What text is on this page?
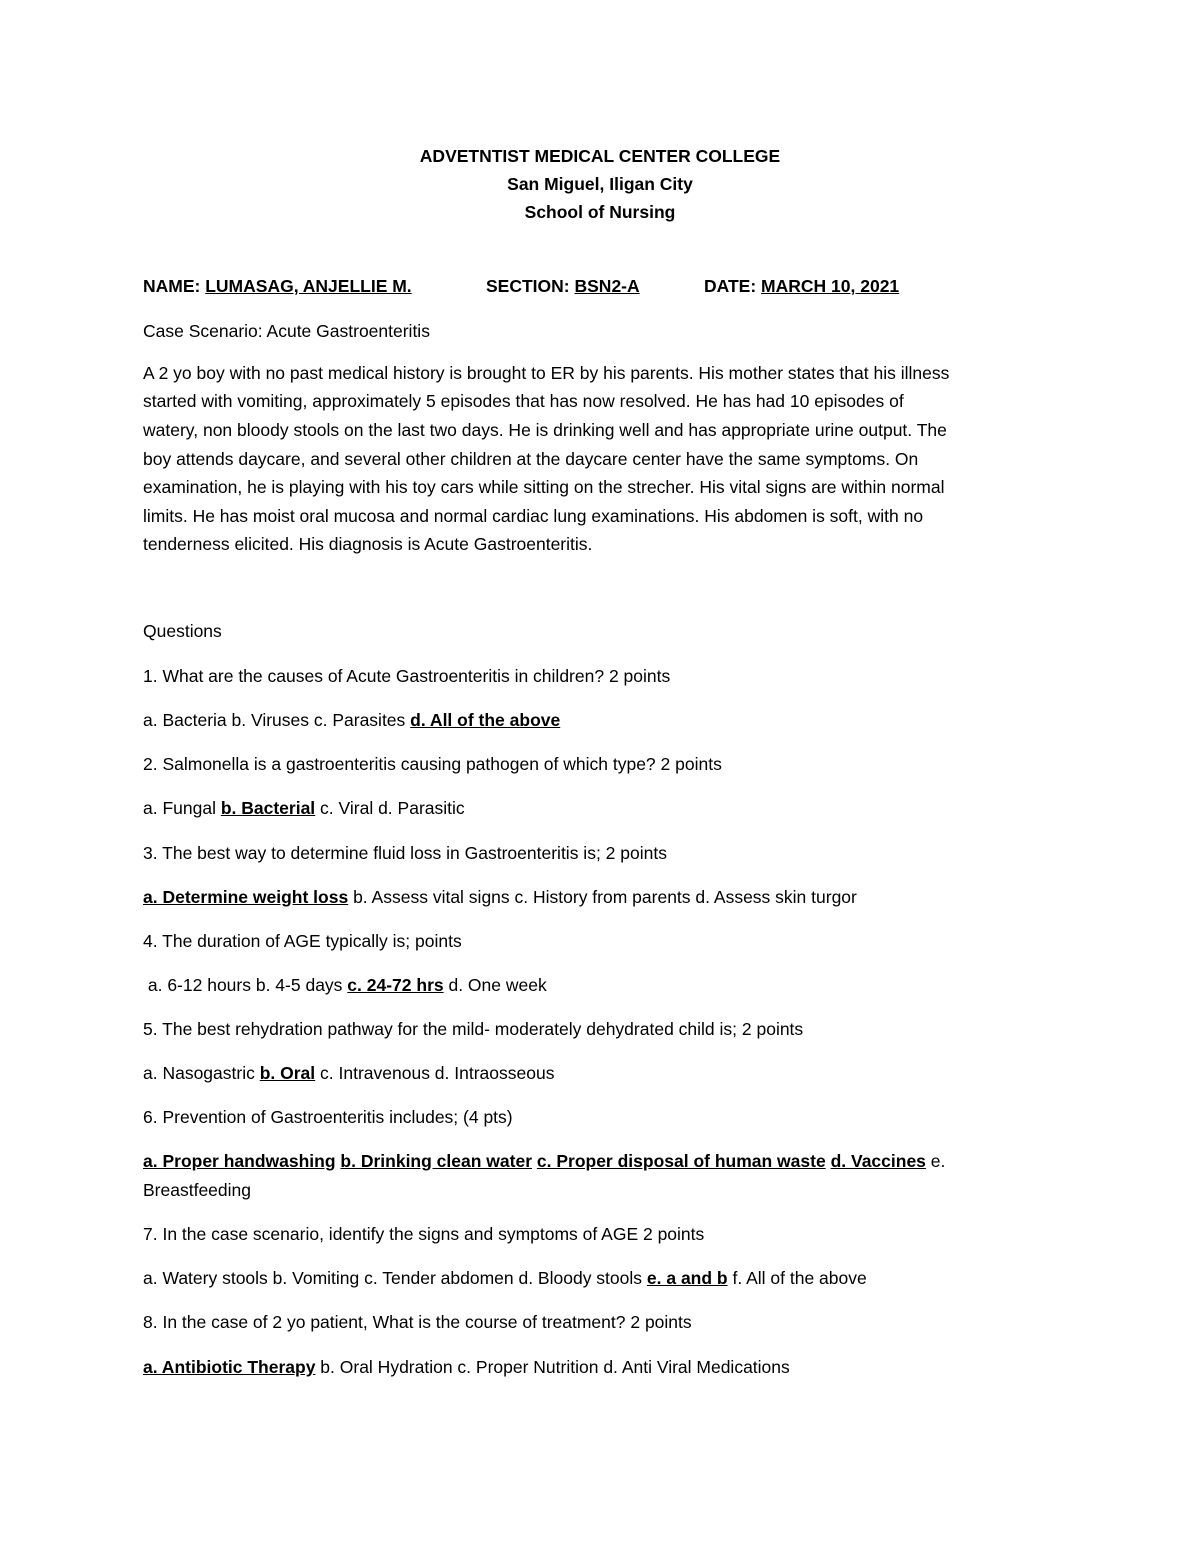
ADVETNTIST MEDICAL CENTER COLLEGE
San Miguel, Iligan City
School of Nursing
NAME: LUMASAG, ANJELLIE M.	SECTION: BSN2-A	DATE: MARCH 10, 2021
Case Scenario: Acute Gastroenteritis
A 2 yo boy with no past medical history is brought to ER by his parents. His mother states that his illness
started with vomiting, approximately 5 episodes that has now resolved. He has had 10 episodes of
watery, non bloody stools on the last two days. He is drinking well and has appropriate urine output. The
boy attends daycare, and several other children at the daycare center have the same symptoms. On
examination, he is playing with his toy cars while sitting on the strecher. His vital signs are within normal
limits. He has moist oral mucosa and normal cardiac lung examinations. His abdomen is soft, with no
tenderness elicited. His diagnosis is Acute Gastroenteritis.
Questions
1. What are the causes of Acute Gastroenteritis in children? 2 points
a. Bacteria b. Viruses c. Parasites d. All of the above
2. Salmonella is a gastroenteritis causing pathogen of which type? 2 points
a. Fungal b. Bacterial c. Viral d. Parasitic
3. The best way to determine fluid loss in Gastroenteritis is; 2 points
a. Determine weight loss b. Assess vital signs c. History from parents d. Assess skin turgor
4. The duration of AGE typically is; points
a. 6-12 hours b. 4-5 days c. 24-72 hrs d. One week
5. The best rehydration pathway for the mild- moderately dehydrated child is; 2 points
a. Nasogastric b. Oral c. Intravenous d. Intraosseous
6. Prevention of Gastroenteritis includes; (4 pts)
a. Proper handwashing b. Drinking clean water c. Proper disposal of human waste d. Vaccines e.
Breastfeeding
7. In the case scenario, identify the signs and symptoms of AGE 2 points
a. Watery stools b. Vomiting c. Tender abdomen d. Bloody stools e. a and b f. All of the above
8. In the case of 2 yo patient, What is the course of treatment? 2 points
a. Antibiotic Therapy b. Oral Hydration c. Proper Nutrition d. Anti Viral Medications
